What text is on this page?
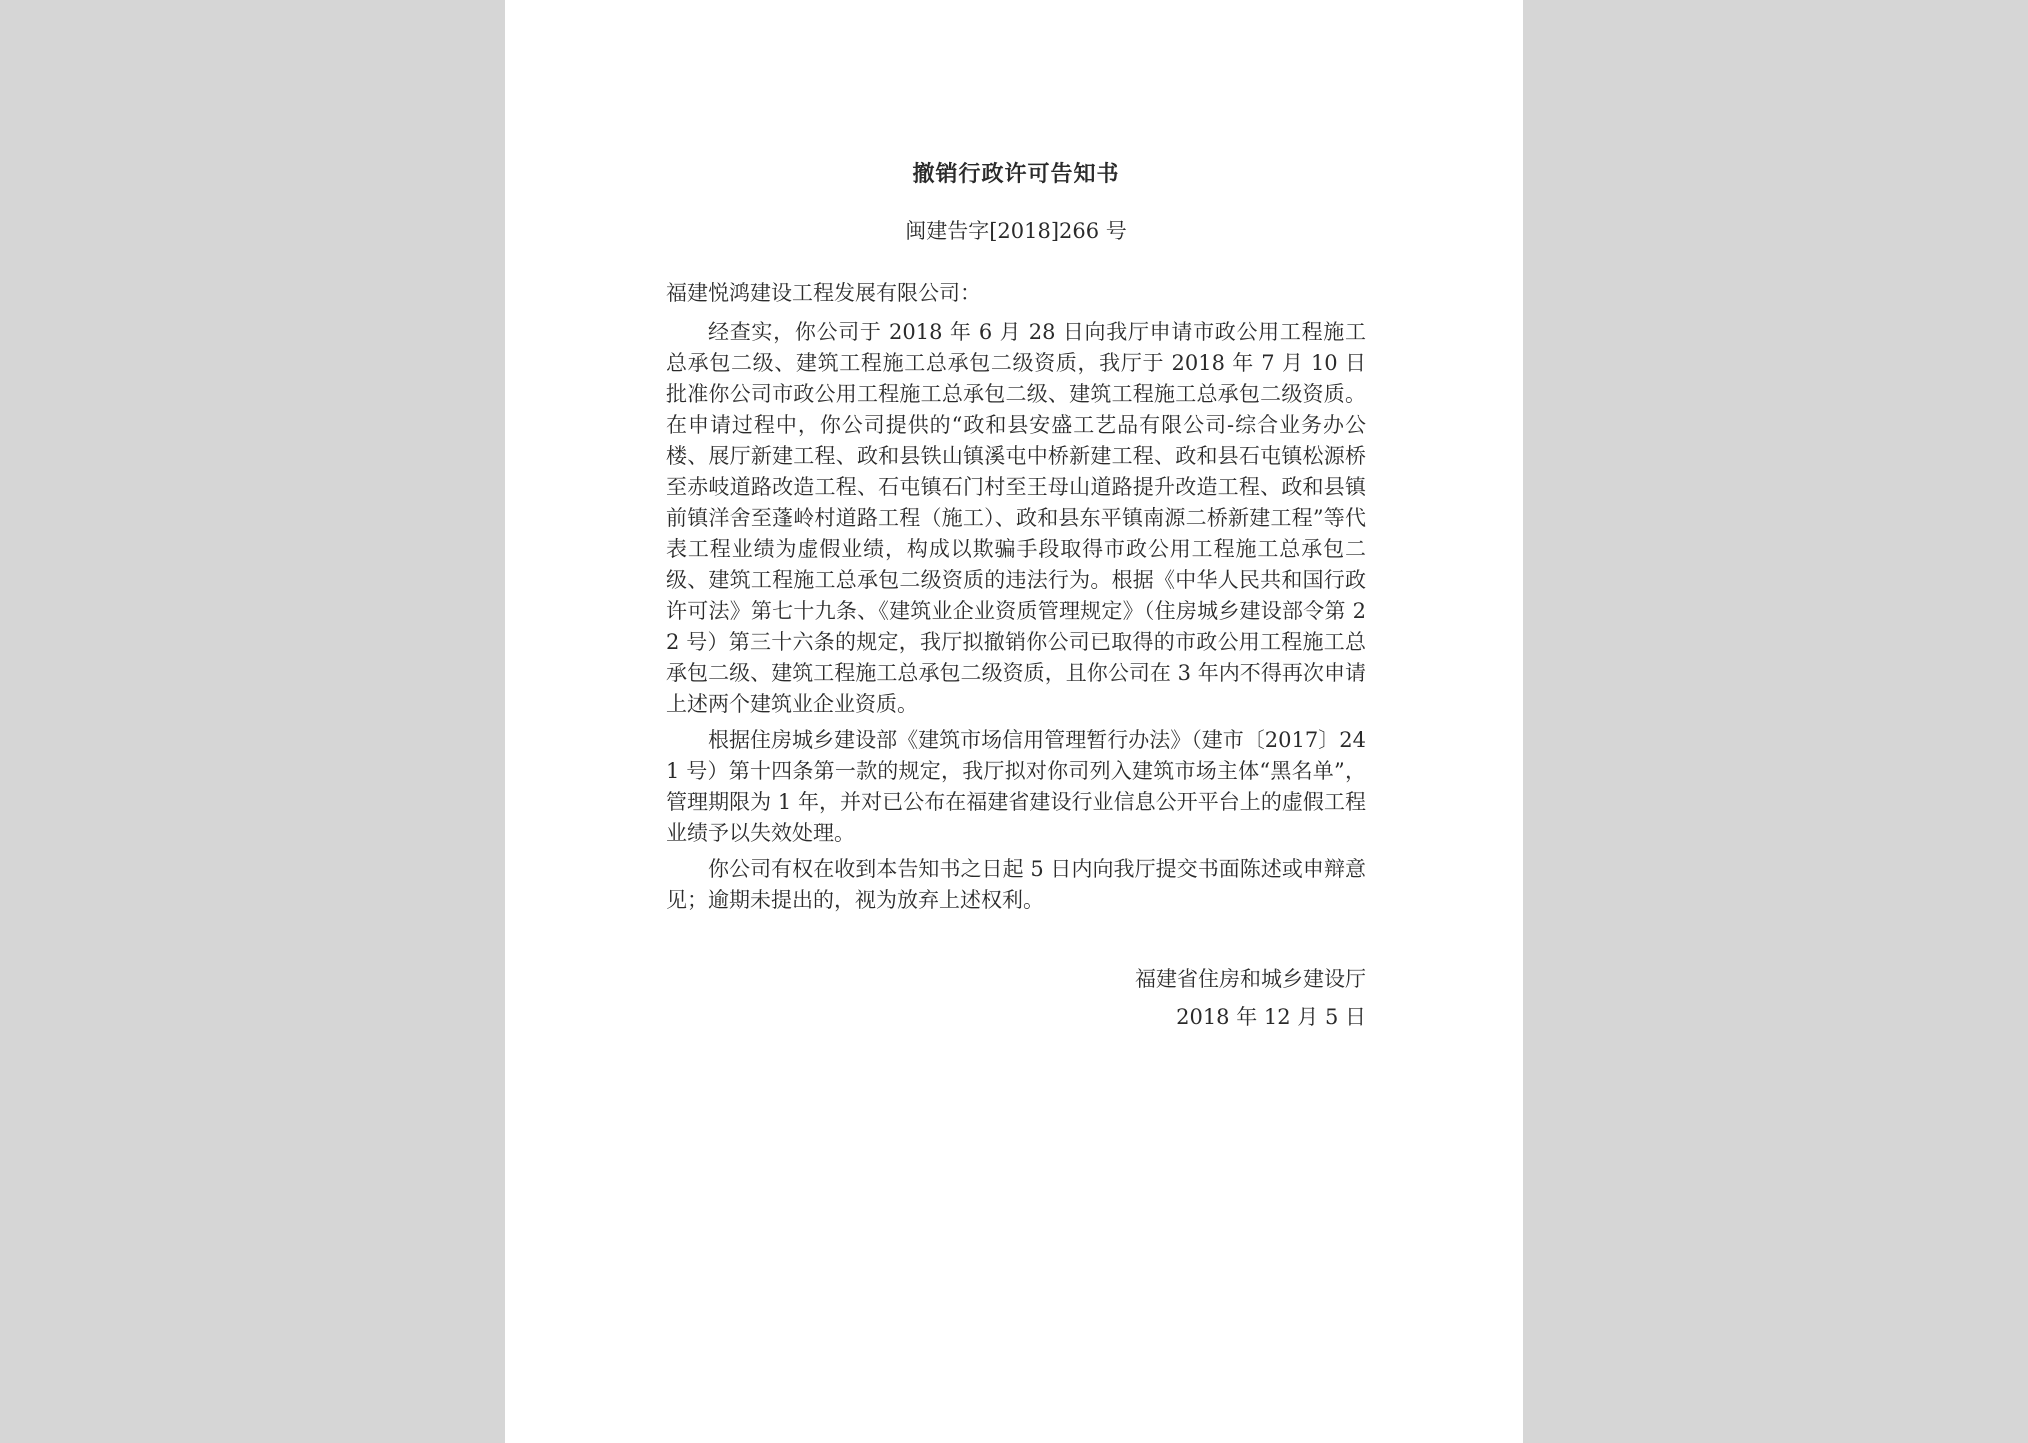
撤销行政许可告知书
闽建告字[2018]266 号

福建悦鸿建设工程发展有限公司：

经查实，你公司于 2018 年 6 月 28 日向我厅申请市政公用工程施工总承包二级、建筑工程施工总承包二级资质，我厅于 2018 年 7 月 10 日批准你公司市政公用工程施工总承包二级、建筑工程施工总承包二级资质。在申请过程中，你公司提供的“政和县安盛工艺品有限公司-综合业务办公楼、展厅新建工程、政和县铁山镇溪屯中桥新建工程、政和县石屯镇松源桥至赤岐道路改造工程、石屯镇石门村至王母山道路提升改造工程、政和县镇前镇洋舍至蓬岭村道路工程（施工）、政和县东平镇南源二桥新建工程”等代表工程业绩为虚假业绩，构成以欺骗手段取得市政公用工程施工总承包二级、建筑工程施工总承包二级资质的违法行为。根据《中华人民共和国行政许可法》第七十九条、《建筑业企业资质管理规定》（住房城乡建设部令第 22 号）第三十六条的规定，我厅拟撤销你公司已取得的市政公用工程施工总承包二级、建筑工程施工总承包二级资质，且你公司在 3 年内不得再次申请上述两个建筑业企业资质。

根据住房城乡建设部《建筑市场信用管理暂行办法》（建市〔2017〕241 号）第十四条第一款的规定，我厅拟对你司列入建筑市场主体“黑名单”，管理期限为 1 年，并对已公布在福建省建设行业信息公开平台上的虚假工程业绩予以失效处理。

你公司有权在收到本告知书之日起 5 日内向我厅提交书面陈述或申辩意见；逾期未提出的，视为放弃上述权利。

福建省住房和城乡建设厅
2018 年 12 月 5 日
